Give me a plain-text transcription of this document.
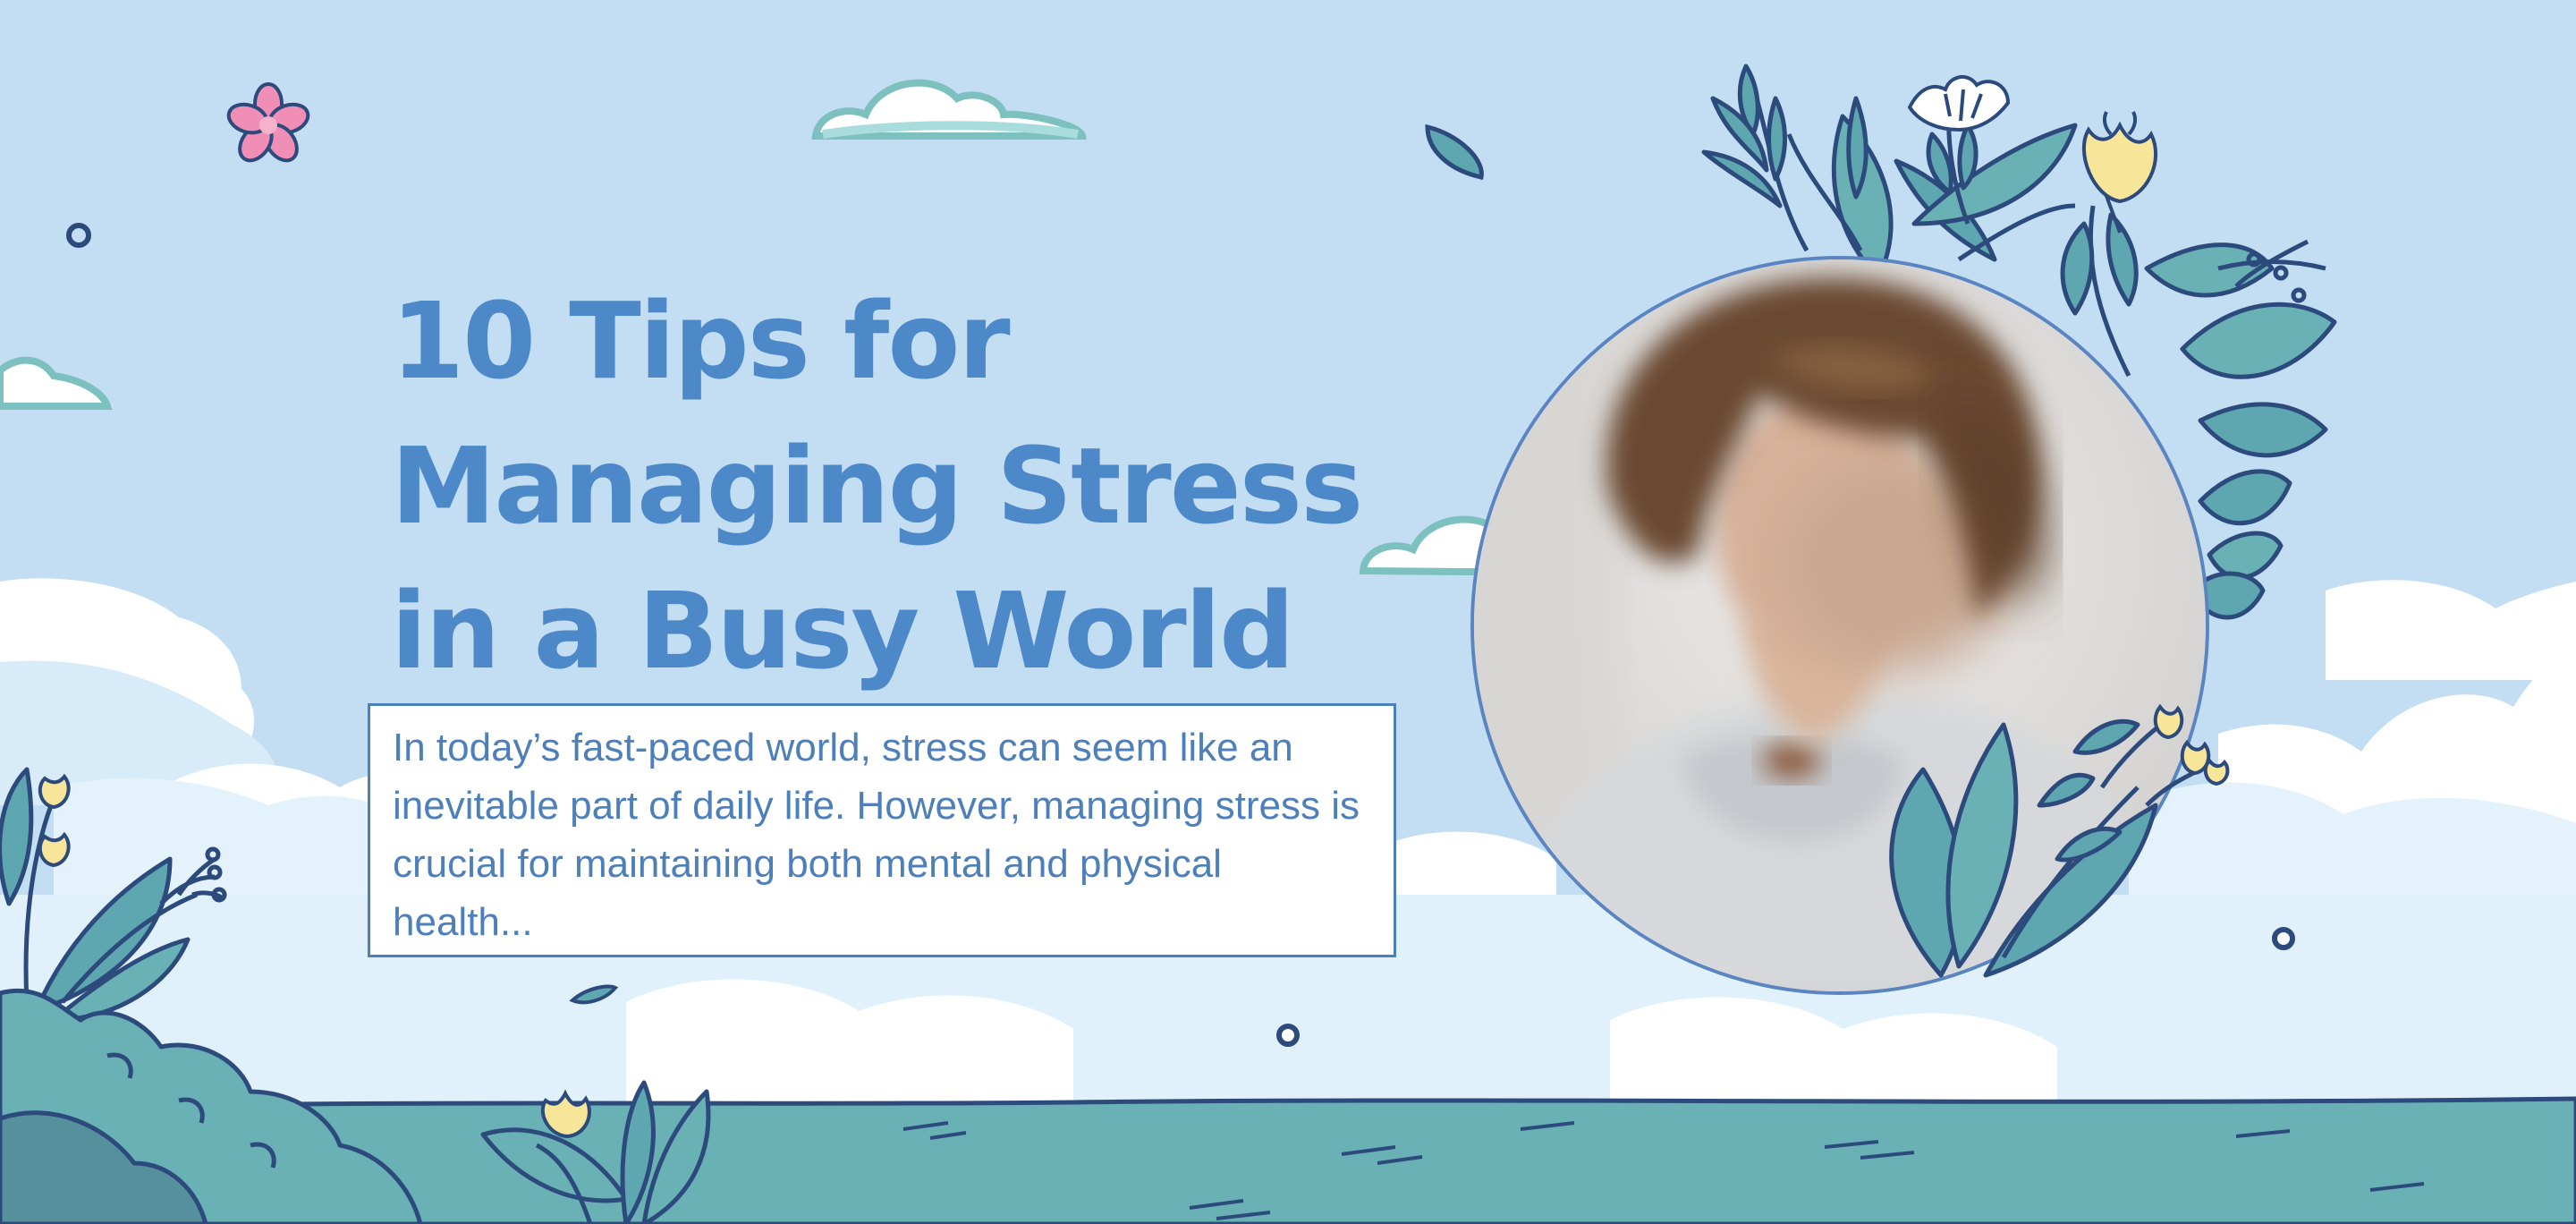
10 Tips for
Managing Stress
in a Busy World
In today’s fast-paced world, stress can seem like an inevitable part of daily life. However, managing stress is crucial for maintaining both mental and physical health...
